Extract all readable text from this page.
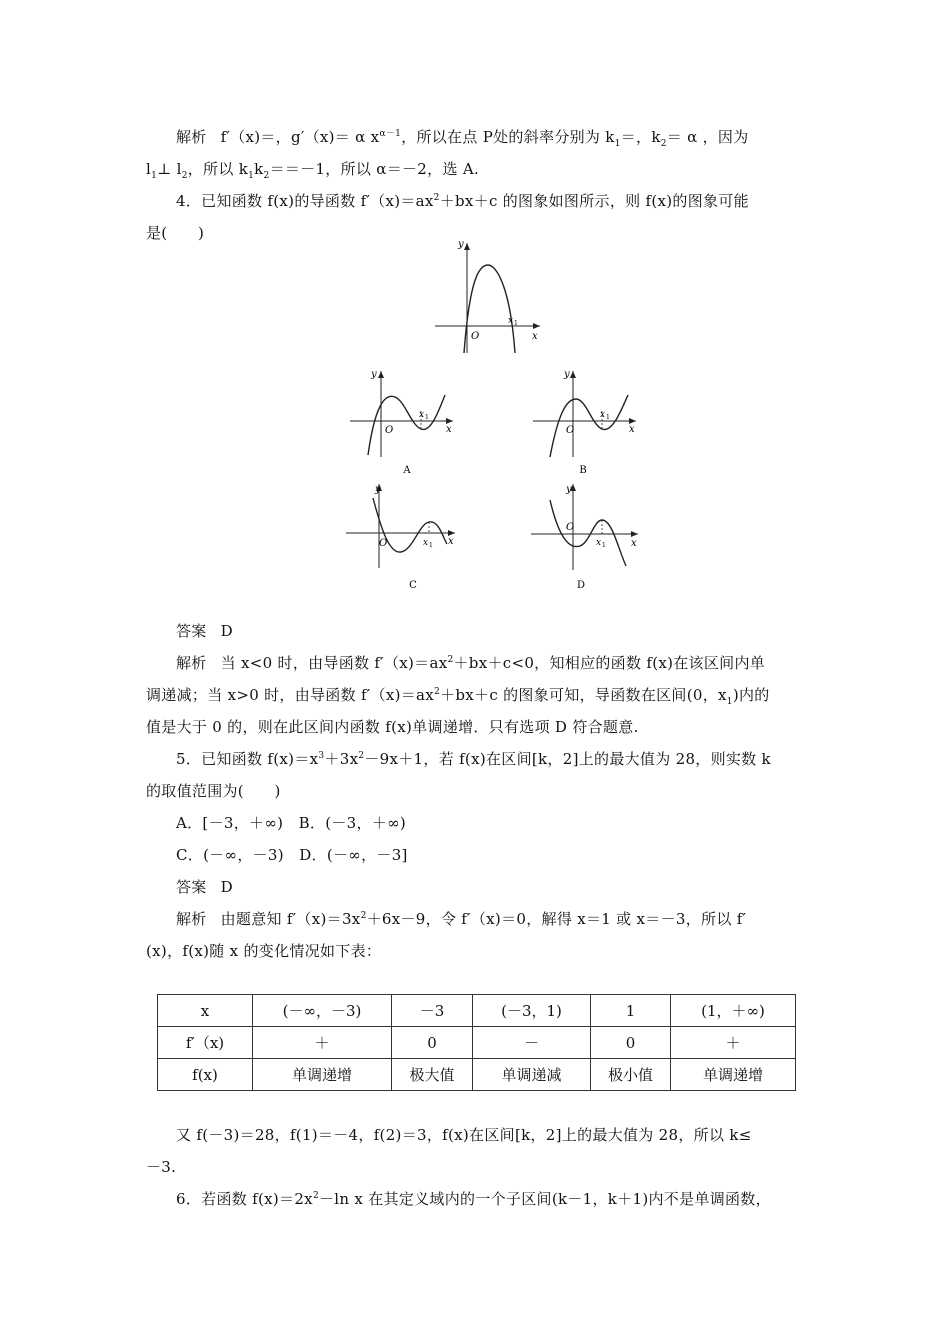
解析 f′（x)＝，g′（x)＝ α $x^{\alpha-1}$，所以在点 P处的斜率分别为 $k_1=$，$k_2= \alpha$ ，因为
$l_1\perp$ $l_2$，所以 $k_1k_2==-1$，所以 α＝－2，选 A.
4．已知函数 f(x)的导函数 $f'(x)=ax^2+bx+c$ 的图象如图所示，则 f(x)的图象可能
是(　　)
y
x
O
x 1
y
x
O
x 1
A
y
x
O
x 1
B
y
x
O	x 1
C
y
x
O
x 1
D
答案 D
解析 当 x<0 时，由导函数 $f'(x)=ax^2+bx+c<0$，知相应的函数 f(x)在该区间内单
调递减；当 x>0 时，由导函数 $f'(x)=ax^2+bx+c$ 的图象可知，导函数在区间(0，$x_1$)内的
值是大于 0 的，则在此区间内函数 f(x)单调递增．只有选项 D 符合题意.
5．已知函数 $f(x)=x^3+3x^2-9x+1$，若 f(x)在区间[k，2]上的最大值为 28，则实数 k
的取值范围为(　　)
A．[－3，＋∞)　B．(－3，＋∞)
C．(－∞，－3)　D．(－∞，－3]
答案 D
解析 由题意知 $f'(x)=3x^2+6x-9$，令 f′（x)＝0，解得 x＝1 或 x＝－3，所以 f′
(x)，f(x)随 x 的变化情况如下表：
x	(－∞，－3)	－3	(－3，1)	1	(1，＋∞)
f′（x)	＋	0	－	0	＋
f(x)	单调递增	极大值	单调递减	极小值	单调递增
又 f(－3)＝28，f(1)＝－4，f(2)＝3，f(x)在区间[k，2]上的最大值为 28，所以 k≤
－3.
6．若函数 $f(x)=2x^2-\ln$ x 在其定义域内的一个子区间(k－1，k＋1)内不是单调函数，
